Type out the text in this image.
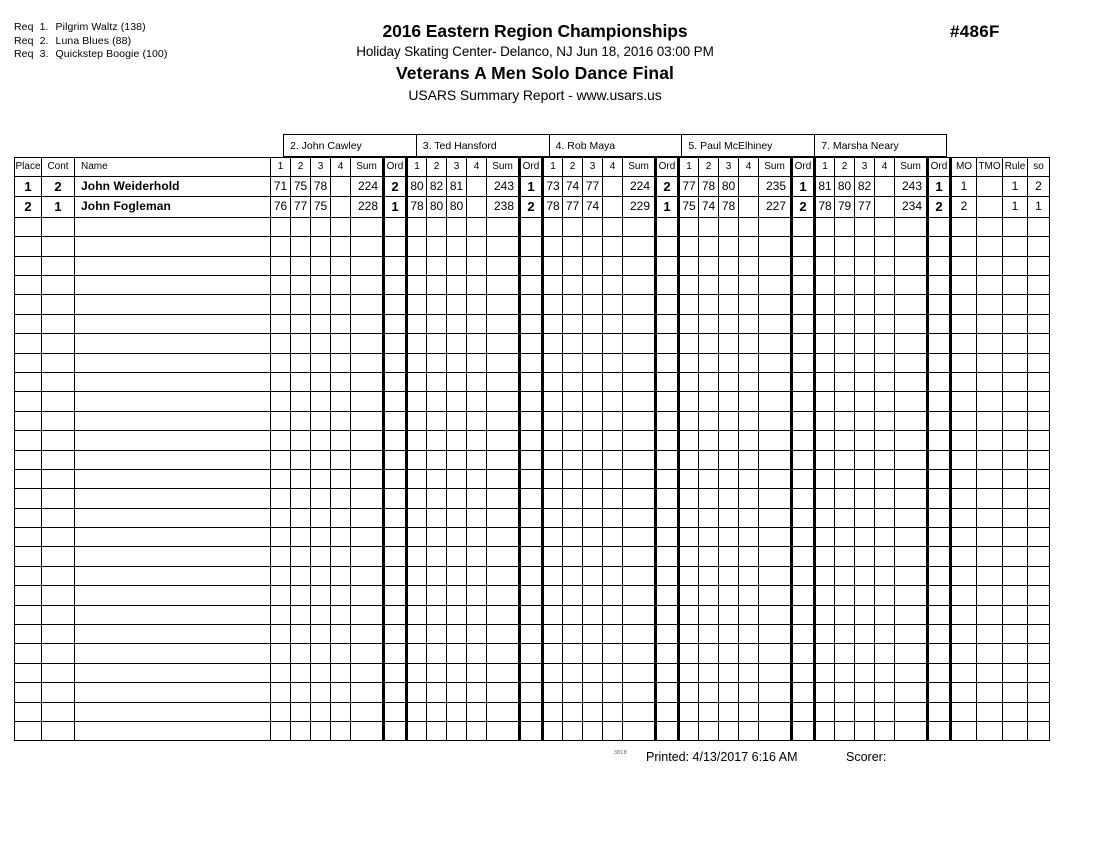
Req 1. Pilgrim Waltz (138)
Req 2. Luna Blues (88)
Req 3. Quickstep Boogie (100)
2016 Eastern Region Championships
Holiday Skating Center- Delanco, NJ Jun 18, 2016 03:00 PM
Veterans A Men Solo Dance Final
USARS Summary Report - www.usars.us
#486F
2. John Cawley	3. Ted Hansford	4. Rob Maya	5. Paul McElhiney	7. Marsha Neary
Place	Cont	Name	1	2	3	4	Sum	Ord	1	2	3	4	Sum	Ord	1	2	3	4	Sum	Ord	1	2	3	4	Sum	Ord	1	2	3	4	Sum	Ord	MO	TMO	Rule	so
1	2	John Weiderhold	71	75	78		224	2	80	82	81		243	1	73	74	77		224	2	77	78	80		235	1	81	80	82		243	1	1		1	2
2	1	John Fogleman	76	77	75		228	1	78	80	80		238	2	78	77	74		229	1	75	74	78		227	2	78	79	77		234	2	2		1	1

3818 Printed: 4/13/2017 6:16 AM	Scorer:
